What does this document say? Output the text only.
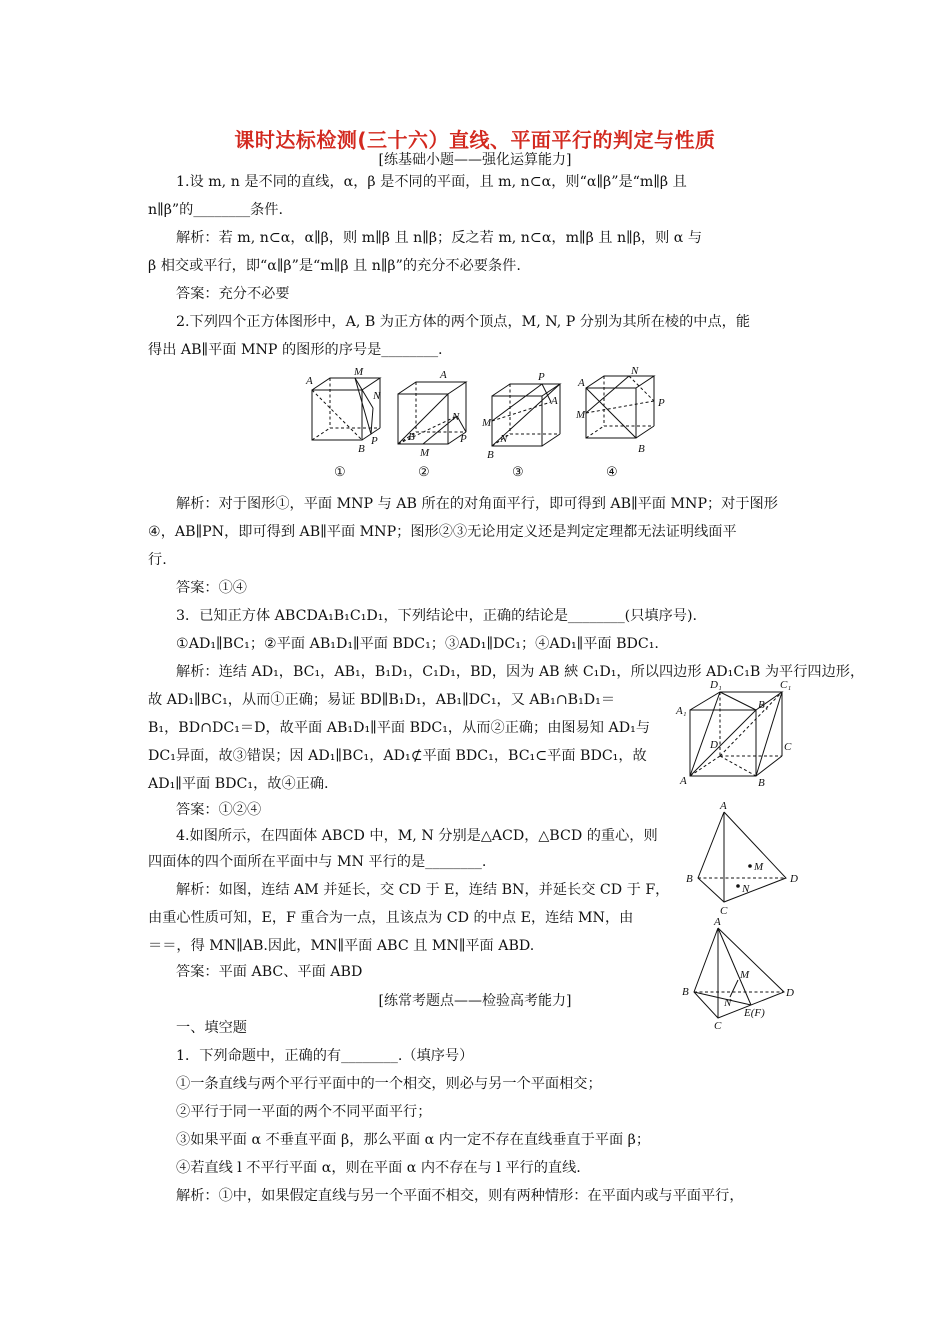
课时达标检测(三十六）直线、平面平行的判定与性质
[练基础小题——强化运算能力]
1.设 m, n 是不同的直线，α，β 是不同的平面，且 m, n⊂α，则“α∥β”是“m∥β 且
n∥β”的________条件.
解析：若 m, n⊂α，α∥β，则 m∥β 且 n∥β；反之若 m, n⊂α，m∥β 且 n∥β，则 α 与
β 相交或平行，即“α∥β”是“m∥β 且 n∥β”的充分不必要条件.
答案：充分不必要
2.下列四个正方体图形中，A, B 为正方体的两个顶点，M, N, P 分别为其所在棱的中点，能
得出 AB∥平面 MNP 的图形的序号是________.
A
M
N
P
B
①
A
N
B
M
P
②
P
A
M
N
B
③
A
N
M
P
B
④
解析：对于图形①，平面 MNP 与 AB 所在的对角面平行，即可得到 AB∥平面 MNP；对于图形
④，AB∥PN，即可得到 AB∥平面 MNP；图形②③无论用定义还是判定定理都无法证明线面平
行.
答案：①④
3．已知正方体 ABCDA₁B₁C₁D₁，下列结论中，正确的结论是________(只填序号).
①AD₁∥BC₁；②平面 AB₁D₁∥平面 BDC₁；③AD₁∥DC₁；④AD₁∥平面 BDC₁.
解析：连结 AD₁，BC₁，AB₁，B₁D₁，C₁D₁，BD，因为 AB 綊 C₁D₁，所以四边形 AD₁C₁B 为平行四边形，
故 AD₁∥BC₁，从而①正确；易证 BD∥B₁D₁，AB₁∥DC₁，又 AB₁∩B₁D₁＝
B₁，BD∩DC₁＝D，故平面 AB₁D₁∥平面 BDC₁，从而②正确；由图易知 AD₁与
DC₁异面，故③错误；因 AD₁∥BC₁，AD₁⊄平面 BDC₁，BC₁⊂平面 BDC₁，故
AD₁∥平面 BDC₁，故④正确.
D₁	C₁
A₁	B₁
D	C
A	B
答案：①②④
4.如图所示，在四面体 ABCD 中，M, N 分别是△ACD，△BCD 的重心，则
四面体的四个面所在平面中与 MN 平行的是________.
解析：如图，连结 AM 并延长，交 CD 于 E，连结 BN，并延长交 CD 于 F，
由重心性质可知，E，F 重合为一点，且该点为 CD 的中点 E，连结 MN，由
＝＝，得 MN∥AB.因此，MN∥平面 ABC 且 MN∥平面 ABD.
答案：平面 ABC、平面 ABD
A
B
C
D
M
N
A
B
C
D
M
N
E(F)
[练常考题点——检验高考能力]
一、填空题
1．下列命题中，正确的有________.（填序号）
①一条直线与两个平行平面中的一个相交，则必与另一个平面相交；
②平行于同一平面的两个不同平面平行；
③如果平面 α 不垂直平面 β，那么平面 α 内一定不存在直线垂直于平面 β；
④若直线 l 不平行平面 α，则在平面 α 内不存在与 l 平行的直线.
解析：①中，如果假定直线与另一个平面不相交，则有两种情形：在平面内或与平面平行，
